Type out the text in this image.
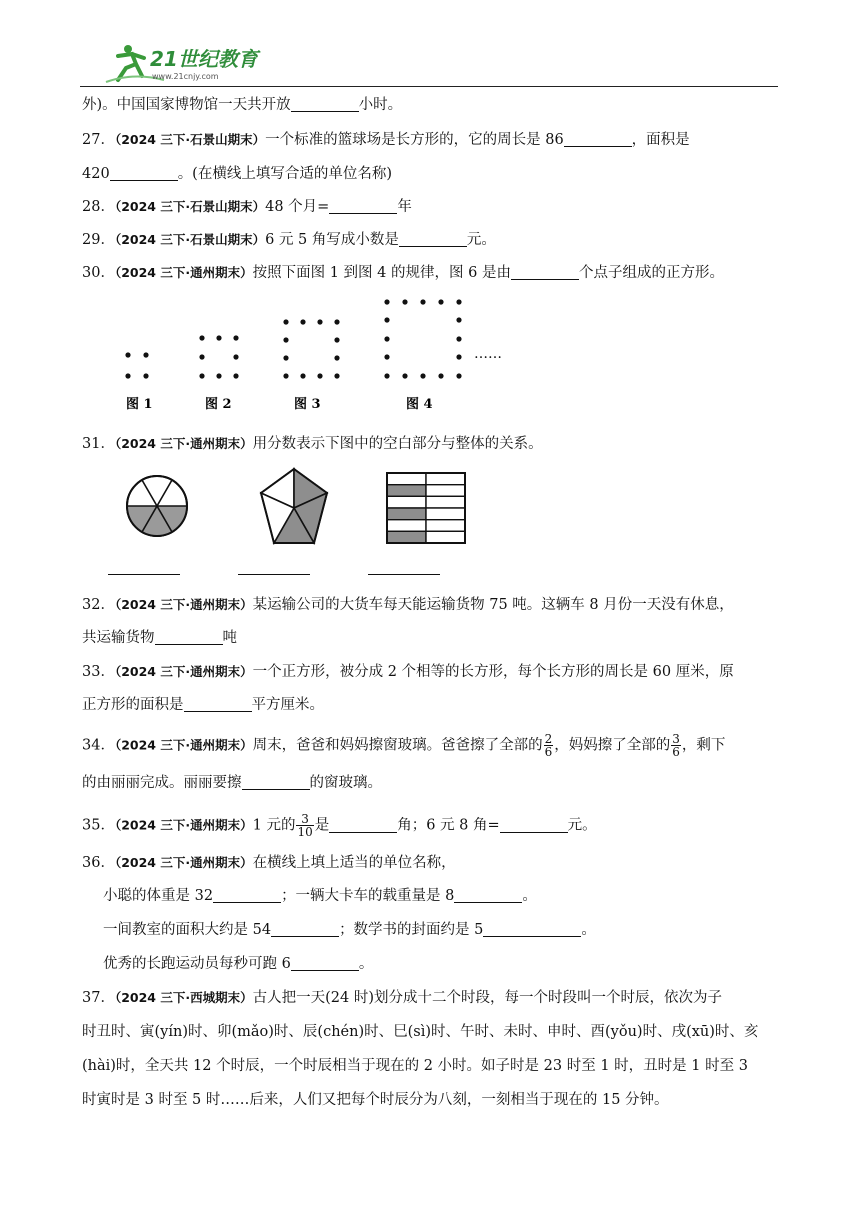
21世纪教育
www.21cnjy.com
外)。中国国家博物馆一天共开放	小时。
27．（2024 三下·石景山期末）一个标准的篮球场是长方形的，它的周长是 86	，面积是
420	。(在横线上填写合适的单位名称)
28．（2024 三下·石景山期末）48 个月=	年
29．（2024 三下·石景山期末）6 元 5 角写成小数是	元。
30．（2024 三下·通州期末）按照下面图 1 到图 4 的规律，图 6 是由	个点子组成的正方形。
……
图 1	图 2	图 3	图 4
31．（2024 三下·通州期末）用分数表示下图中的空白部分与整体的关系。
32．（2024 三下·通州期末）某运输公司的大货车每天能运输货物 75 吨。这辆车 8 月份一天没有休息，
共运输货物	吨
33．（2024 三下·通州期末）一个正方形，被分成 2 个相等的长方形，每个长方形的周长是 60 厘米，原
正方形的面积是	平方厘米。
34．（2024 三下·通州期末）周末，爸爸和妈妈擦窗玻璃。爸爸擦了全部的 $\frac{2}{6}$ ，妈妈擦了全部的 $\frac{3}{6}$ ，剩下
的由丽丽完成。丽丽要擦	的窗玻璃。
35．（2024 三下·通州期末）1 元的 $\frac{3}{10}$ 是	角；6 元 8 角=	元。
36．（2024 三下·通州期末）在横线上填上适当的单位名称，
小聪的体重是 32	；一辆大卡车的载重量是 8	。
一间教室的面积大约是 54	；数学书的封面约是 5	。
优秀的长跑运动员每秒可跑 6	。
37．（2024 三下·西城期末）古人把一天(24 时)划分成十二个时段，每一个时段叫一个时辰，依次为子
时丑时、寅(yín)时、卯(mǎo)时、辰(chén)时、巳(sì)时、午时、未时、申时、酉(yǒu)时、戌(xū)时、亥
(hài)时，全天共 12 个时辰，一个时辰相当于现在的 2 小时。如子时是 23 时至 1 时，丑时是 1 时至 3
时寅时是 3 时至 5 时……后来，人们又把每个时辰分为八刻，一刻相当于现在的 15 分钟。
